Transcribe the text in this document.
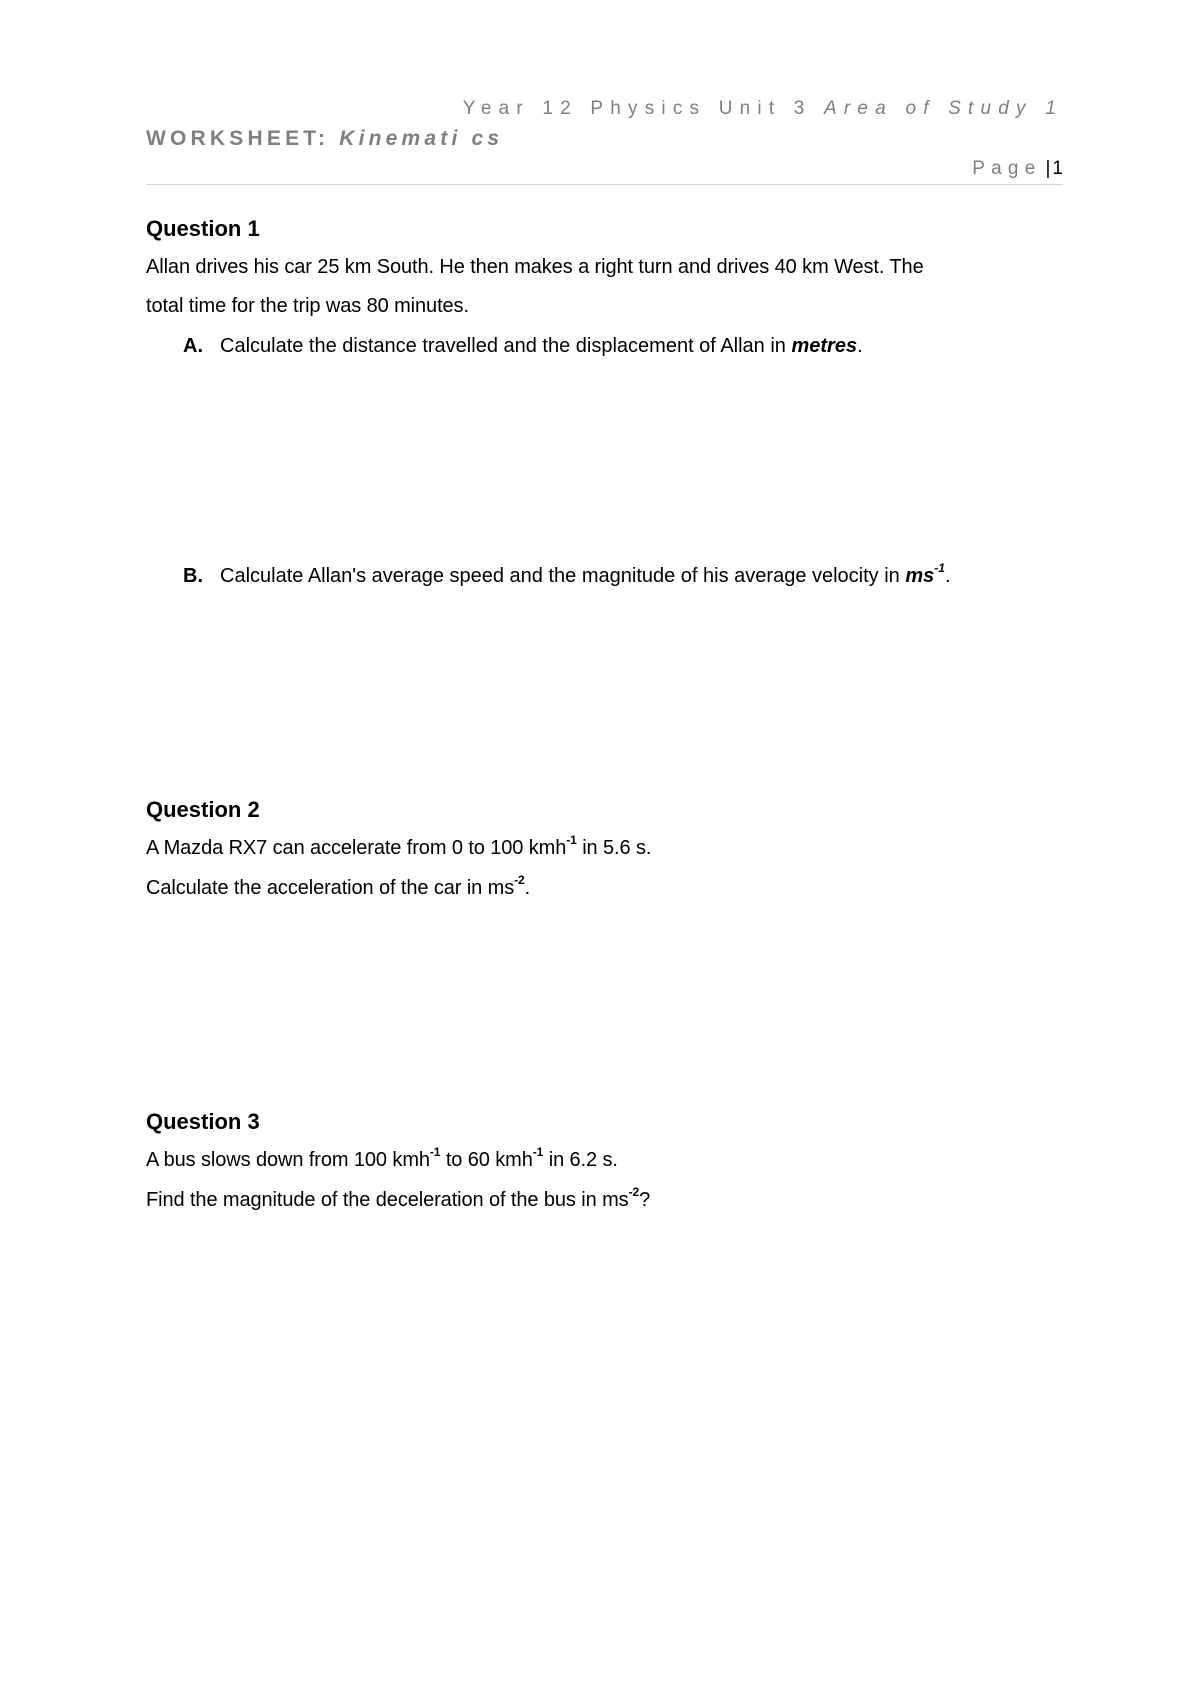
Year 12 Physics Unit 3 Area of Study 1
WORKSHEET: Kinemati cs
Page | 1
Question 1
Allan drives his car 25 km South. He then makes a right turn and drives 40 km West. The
total time for the trip was 80 minutes.
A. Calculate the distance travelled and the displacement of Allan in metres.
B. Calculate Allan's average speed and the magnitude of his average velocity in $ms^{-1}$.
Question 2
A Mazda RX7 can accelerate from 0 to 100 kmh$^{-1}$ in 5.6 s.
Calculate the acceleration of the car in $ms^{-2}$.
Question 3
A bus slows down from 100 kmh$^{-1}$ to 60 kmh$^{-1}$ in 6.2 s.
Find the magnitude of the deceleration of the bus in $ms^{-2}$?
